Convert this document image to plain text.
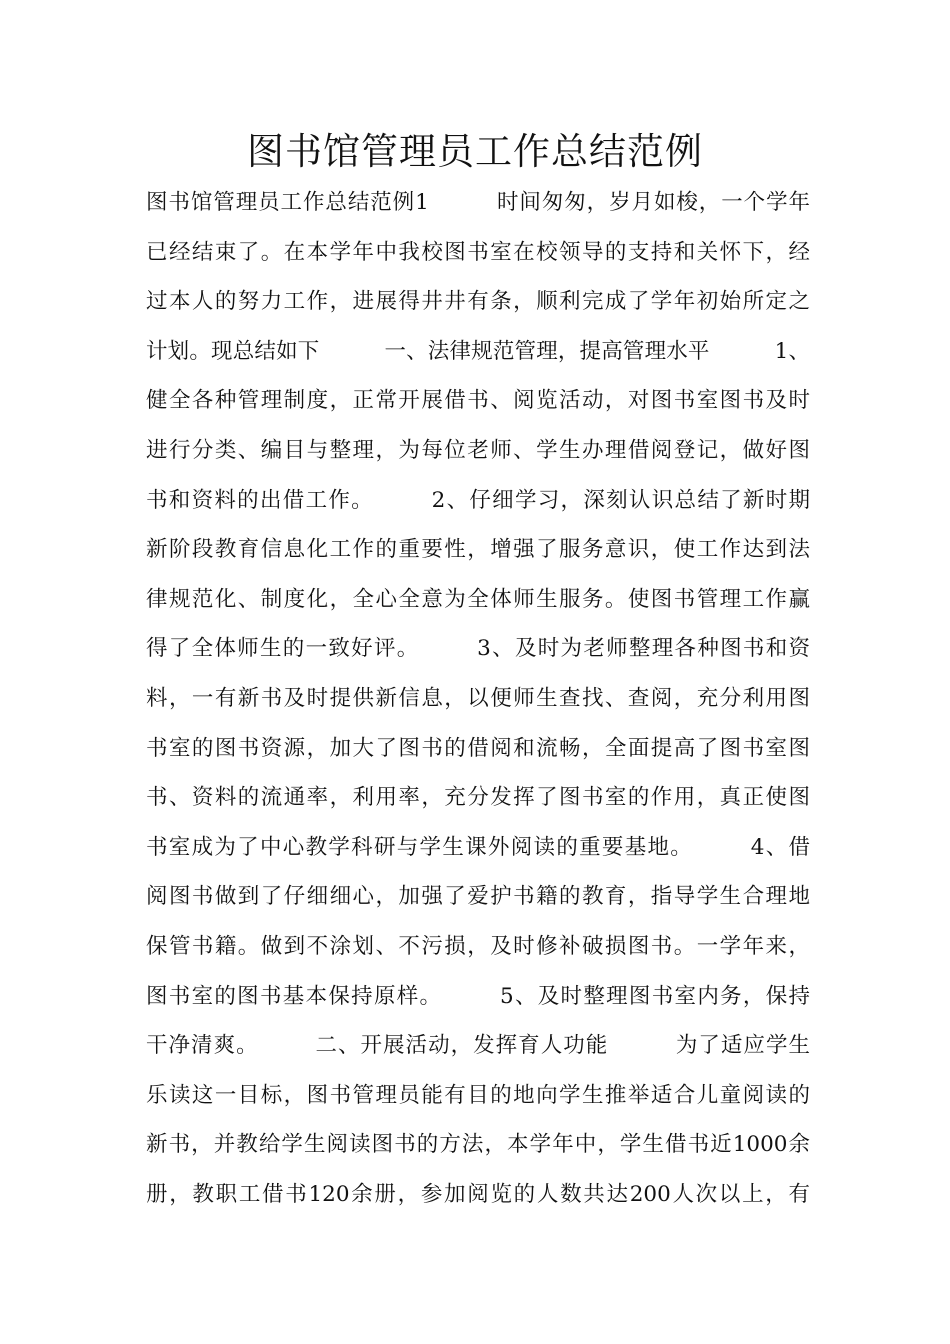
图书馆管理员工作总结范例
图书馆管理员工作总结范例1　　　时间匆匆，岁月如梭，一个学年
已经结束了。在本学年中我校图书室在校领导的支持和关怀下，经
过本人的努力工作，进展得井井有条，顺利完成了学年初始所定之
计划。现总结如下　　　一、法律规范管理，提高管理水平　　　1、
健全各种管理制度，正常开展借书、阅览活动，对图书室图书及时
进行分类、编目与整理，为每位老师、学生办理借阅登记，做好图
书和资料的出借工作。　　　2、仔细学习，深刻认识总结了新时期
新阶段教育信息化工作的重要性，增强了服务意识，使工作达到法
律规范化、制度化，全心全意为全体师生服务。使图书管理工作赢
得了全体师生的一致好评。　　　3、及时为老师整理各种图书和资
料，一有新书及时提供新信息，以便师生查找、查阅，充分利用图
书室的图书资源，加大了图书的借阅和流畅，全面提高了图书室图
书、资料的流通率，利用率，充分发挥了图书室的作用，真正使图
书室成为了中心教学科研与学生课外阅读的重要基地。　　　4、借
阅图书做到了仔细细心，加强了爱护书籍的教育，指导学生合理地
保管书籍。做到不涂划、不污损，及时修补破损图书。一学年来，
图书室的图书基本保持原样。　　　5、及时整理图书室内务，保持
干净清爽。　　　二、开展活动，发挥育人功能　　　为了适应学生
乐读这一目标，图书管理员能有目的地向学生推举适合儿童阅读的
新书，并教给学生阅读图书的方法，本学年中，学生借书近1000余
册，教职工借书120余册，参加阅览的人数共达200人次以上，有
